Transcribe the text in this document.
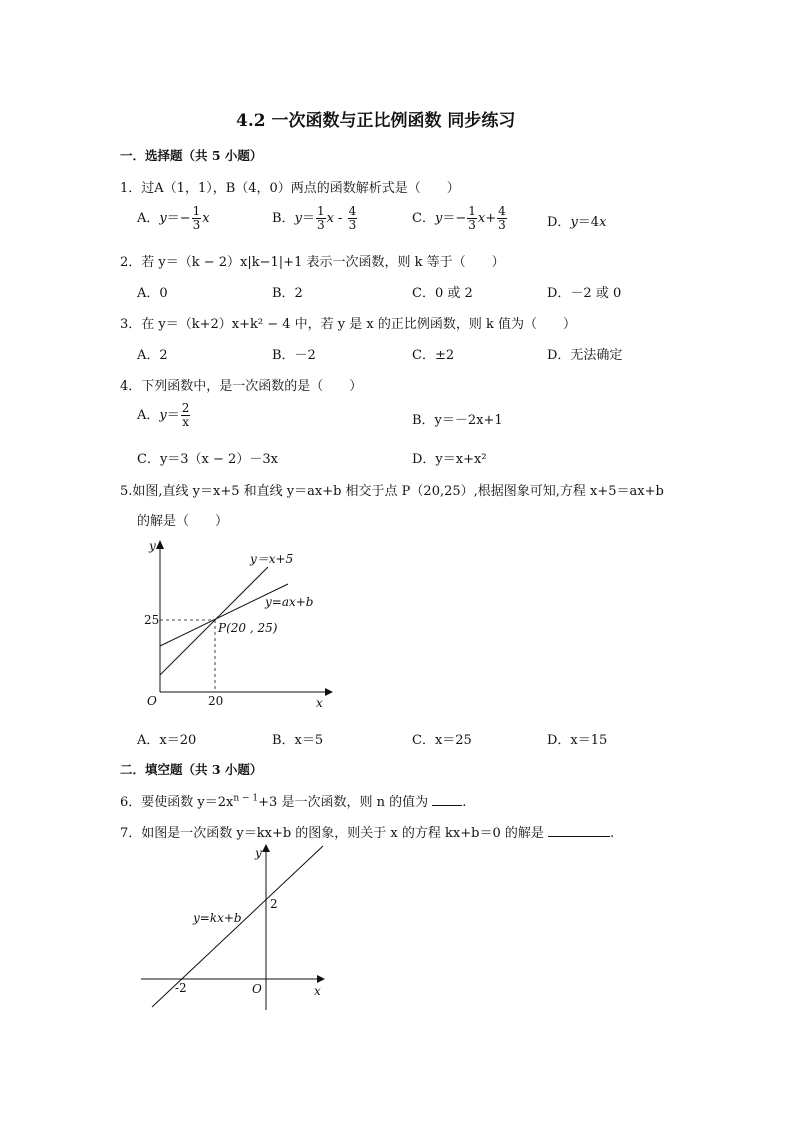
4.2 一次函数与正比例函数 同步练习
一．选择题（共 5 小题）
1．过A（1，1），B（4，0）两点的函数解析式是（　　）
A．$y=- \frac{1}{3}$ x	B．$y= \frac{1}{3}$ x - $\frac{4}{3}$	C．$y=- \frac{1}{3} x+ \frac{4}{3}$	D．y＝4x
2．若 y＝（k − 2）x|k−1|+1 表示一次函数，则 k 等于（　　）
A．0	B．2	C．0 或 2	D．－2 或 0
3．在 y＝（k+2）x+k² − 4 中，若 y 是 x 的正比例函数，则 k 值为（　　）
A．2	B．－2	C．±2	D．无法确定
4．下列函数中，是一次函数的是（　　）
A．$y= \frac{2}{x}$	B．y＝－2x+1
C．y＝3（x − 2）－3x	D．y＝x+x²
5.如图,直线 y＝x+5 和直线 y＝ax+b 相交于点 P（20,25）,根据图象可知,方程 x+5＝ax+b
的解是（　　）
y
x
O	20
25
P(20 , 25)
y＝x+5
y=ax+b
A．x＝20	B．x＝5	C．x＝25	D．x＝15
二．填空题（共 3 小题）
6．要使函数 $y=2x^{n - 1}+3$ 是一次函数，则 n 的值为	.
7．如图是一次函数 y＝kx+b 的图象，则关于 x 的方程 kx+b＝0 的解是	.
y
x
O
-2
2
y=kx+b
